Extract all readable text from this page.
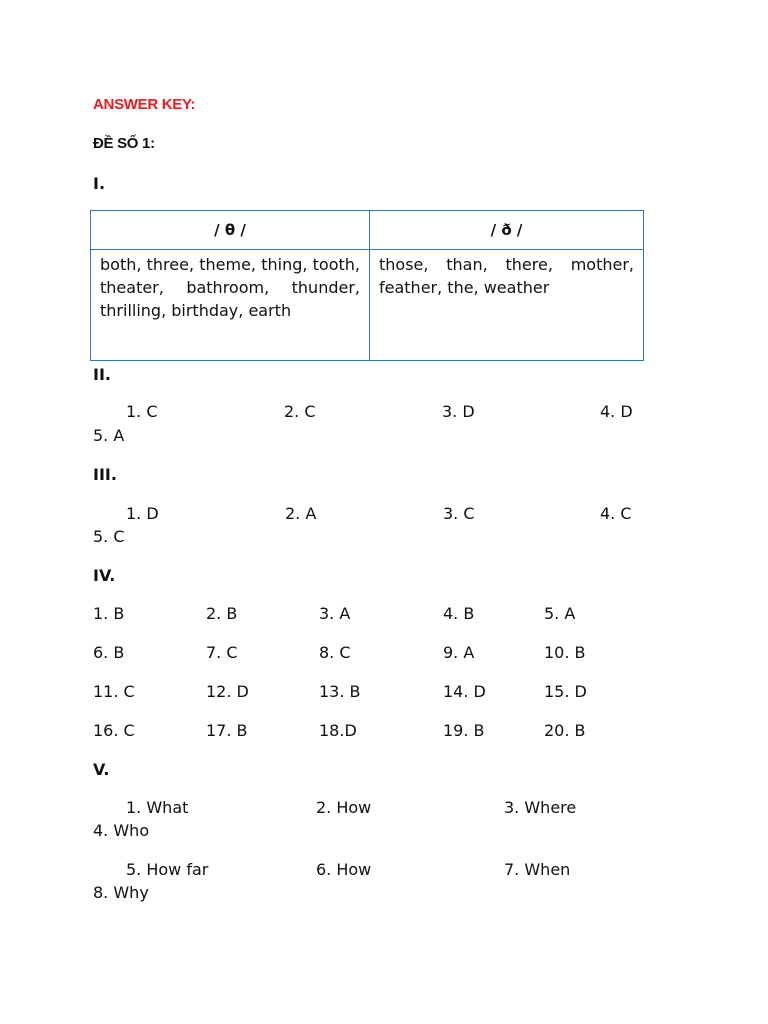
ANSWER KEY:
ĐỀ SỐ 1:
I.
/ θ /	/ ð /
both, three, theme, thing, tooth, theater, bathroom, thunder, thrilling, birthday, earth	those, than, there, mother, feather, the, weather
II.
1. C	2. C	3. D	4. D
5. A
III.
1. D	2. A	3. C	4. C
5. C
IV.
1. B	2. B	3. A	4. B	5. A
6. B	7. C	8. C	9. A	10. B
11. C	12. D	13. B	14. D	15. D
16. C	17. B	18.D	19. B	20. B
V.
1. What	2. How	3. Where
4. Who
5. How far	6. How	7. When
8. Why
